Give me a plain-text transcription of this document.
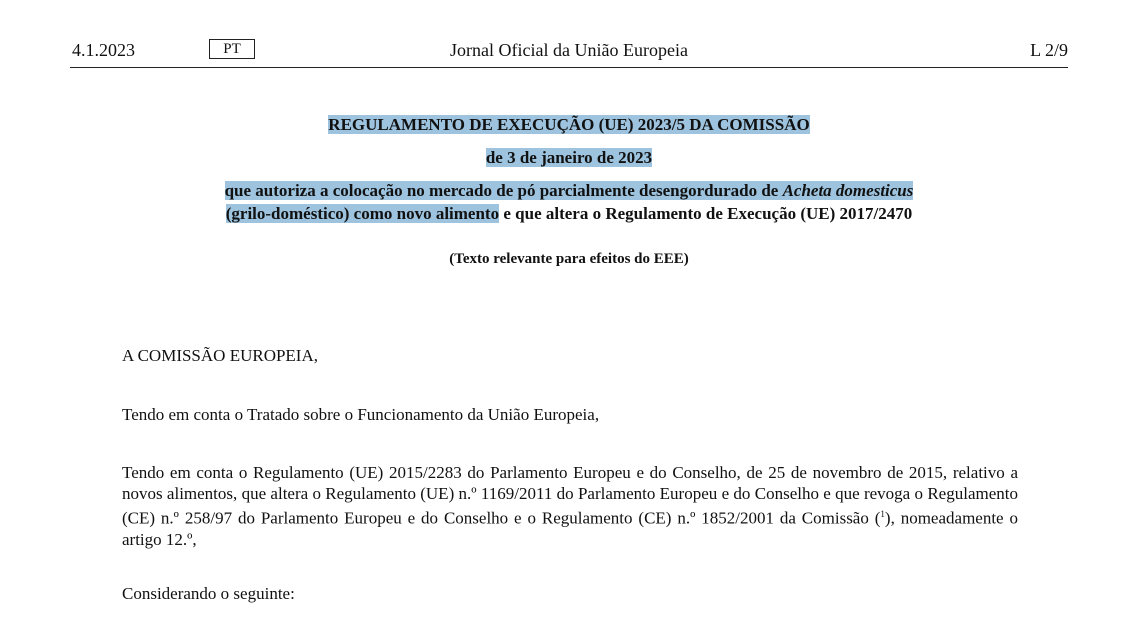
4.1.2023	PT	Jornal Oficial da União Europeia	L 2/9
REGULAMENTO DE EXECUÇÃO (UE) 2023/5 DA COMISSÃO
de 3 de janeiro de 2023
que autoriza a colocação no mercado de pó parcialmente desengordurado de Acheta domesticus
(grilo-doméstico) como novo alimento e que altera o Regulamento de Execução (UE) 2017/2470
(Texto relevante para efeitos do EEE)
A COMISSÃO EUROPEIA,
Tendo em conta o Tratado sobre o Funcionamento da União Europeia,
Tendo em conta o Regulamento (UE) 2015/2283 do Parlamento Europeu e do Conselho, de 25 de novembro de 2015, relativo a novos alimentos, que altera o Regulamento (UE) n.º 1169/2011 do Parlamento Europeu e do Conselho e que revoga o Regulamento (CE) n.º 258/97 do Parlamento Europeu e do Conselho e o Regulamento (CE) n.º 1852/2001 da Comissão ($^1$), nomeadamente o artigo 12.º,
Considerando o seguinte:
